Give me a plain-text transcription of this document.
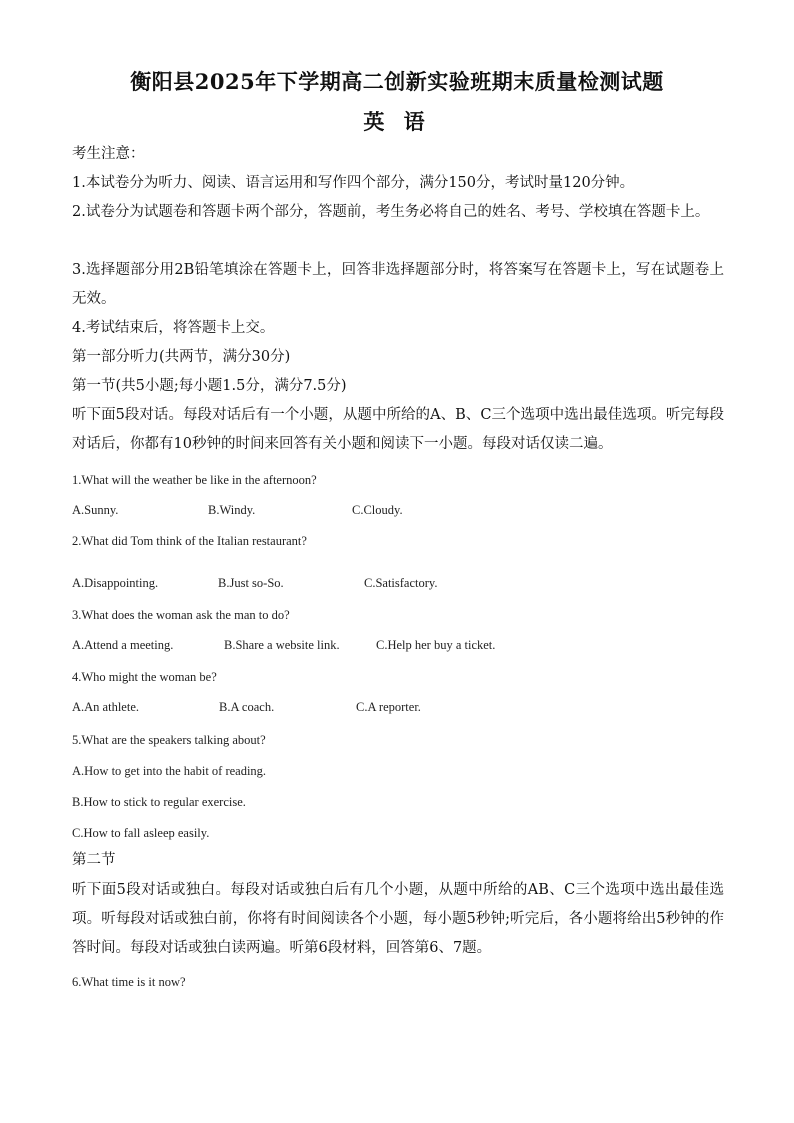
衡阳县2025年下学期高二创新实验班期末质量检测试题
英 语
考生注意：
1.本试卷分为听力、阅读、语言运用和写作四个部分，满分150分，考试时量120分钟。
2.试卷分为试题卷和答题卡两个部分，答题前，考生务必将自己的姓名、考号、学校填在答题卡上。
3.选择题部分用2B铅笔填涂在答题卡上，回答非选择题部分时，将答案写在答题卡上，写在试题卷上无效。
4.考试结束后，将答题卡上交。
第一部分听力(共两节，满分30分)
第一节(共5小题;每小题1.5分，满分7.5分)
听下面5段对话。每段对话后有一个小题，从题中所给的A、B、C三个选项中选出最佳选项。听完每段对话后，你都有10秒钟的时间来回答有关小题和阅读下一小题。每段对话仅读二遍。
1.What will the weather be like in the afternoon?
A.Sunny.	B.Windy.	C.Cloudy.
2.What did Tom think of the Italian restaurant?
A.Disappointing.	B.Just so-So.	C.Satisfactory.
3.What does the woman ask the man to do?
A.Attend a meeting.	B.Share a website link.	C.Help her buy a ticket.
4.Who might the woman be?
A.An athlete.	B.A coach.	C.A reporter.
5.What are the speakers talking about?
A.How to get into the habit of reading.
B.How to stick to regular exercise.
C.How to fall asleep easily.
第二节
听下面5段对话或独白。每段对话或独白后有几个小题，从题中所给的AB、C三个选项中选出最佳选项。听每段对话或独白前，你将有时间阅读各个小题，每小题5秒钟;听完后，各小题将给出5秒钟的作答时间。每段对话或独白读两遍。听第6段材料，回答第6、7题。
6.What time is it now?
